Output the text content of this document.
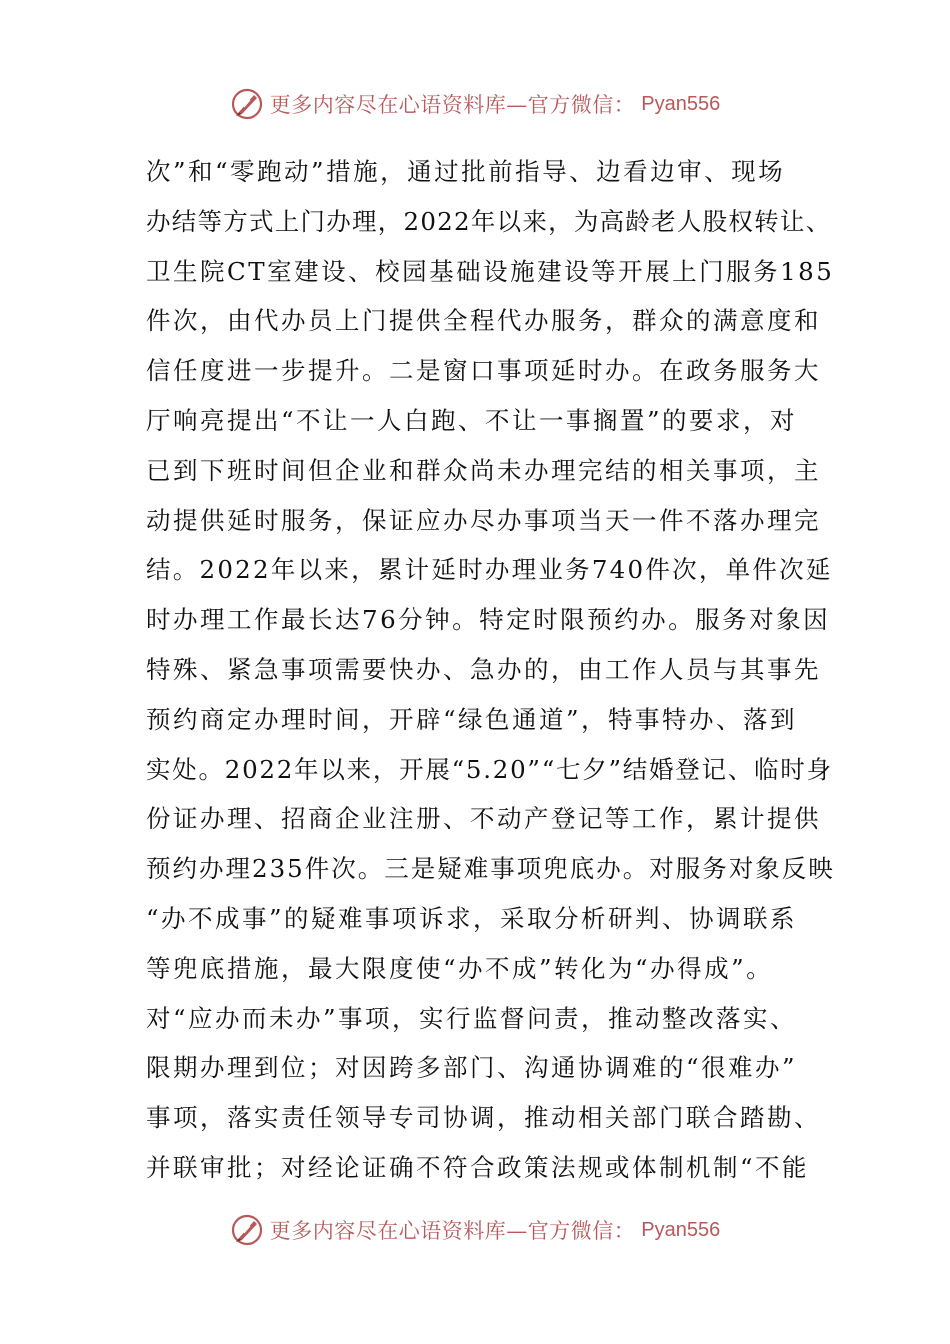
更多内容尽在心语资料库—官方微信： Pyan556
次”和“零跑动”措施，通过批前指导、边看边审、现场
办结等方式上门办理，2022年以来，为高龄老人股权转让、
卫生院CT室建设、校园基础设施建设等开展上门服务185
件次，由代办员上门提供全程代办服务，群众的满意度和
信任度进一步提升。二是窗口事项延时办。在政务服务大
厅响亮提出“不让一人白跑、不让一事搁置”的要求，对
已到下班时间但企业和群众尚未办理完结的相关事项，主
动提供延时服务，保证应办尽办事项当天一件不落办理完
结。2022年以来，累计延时办理业务740件次，单件次延
时办理工作最长达76分钟。特定时限预约办。服务对象因
特殊、紧急事项需要快办、急办的，由工作人员与其事先
预约商定办理时间，开辟“绿色通道”，特事特办、落到
实处。2022年以来，开展“5.20”“七夕”结婚登记、临时身
份证办理、招商企业注册、不动产登记等工作，累计提供
预约办理235件次。三是疑难事项兜底办。对服务对象反映
“办不成事”的疑难事项诉求，采取分析研判、协调联系
等兜底措施，最大限度使“办不成”转化为“办得成”。
对“应办而未办”事项，实行监督问责，推动整改落实、
限期办理到位；对因跨多部门、沟通协调难的“很难办”
事项，落实责任领导专司协调，推动相关部门联合踏勘、
并联审批；对经论证确不符合政策法规或体制机制“不能
更多内容尽在心语资料库—官方微信： Pyan556
